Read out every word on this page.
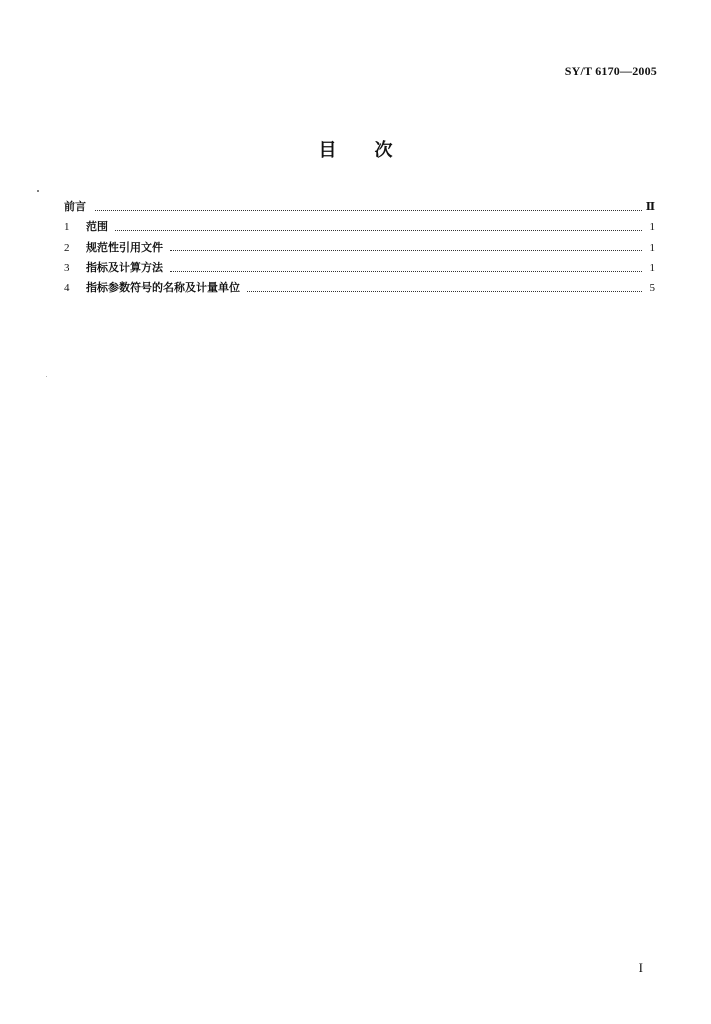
SY/T 6170—2005
目 次
前言	Ⅱ
1	范围	1
2	规范性引用文件	1
3	指标及计算方法	1
4	指标参数符号的名称及计量单位	5
I
